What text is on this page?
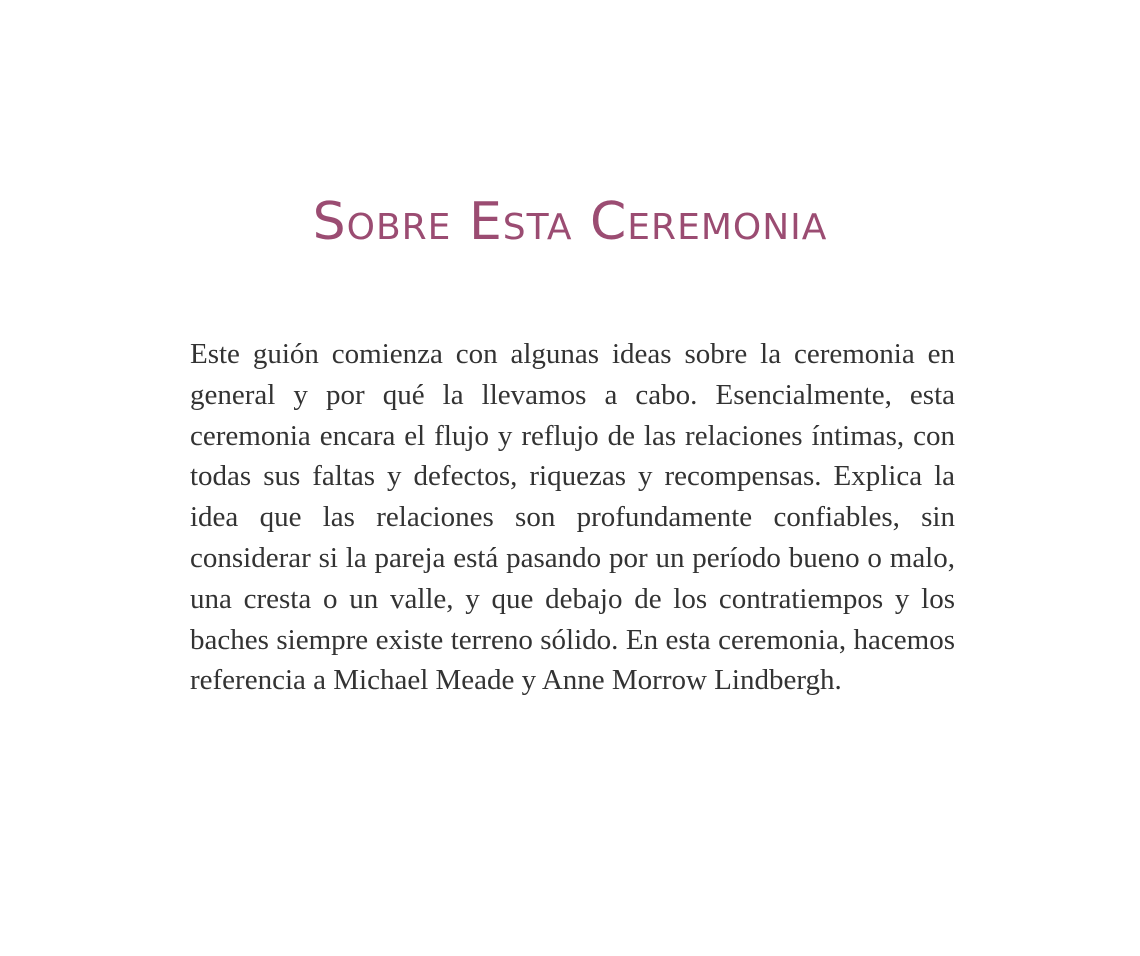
Sobre Esta Ceremonia

Este guión comienza con algunas ideas sobre la ceremonia en general y por qué la llevamos a cabo. Esencialmente, esta ceremonia encara el flujo y reflujo de las relaciones íntimas, con todas sus faltas y defectos, riquezas y recompensas. Explica la idea que las relaciones son profundamente confiables, sin considerar si la pareja está pasando por un período bueno o malo, una cresta o un valle, y que debajo de los contratiempos y los baches siempre existe terreno sólido. En esta ceremonia, hacemos referencia a Michael Meade y Anne Morrow Lindbergh.
